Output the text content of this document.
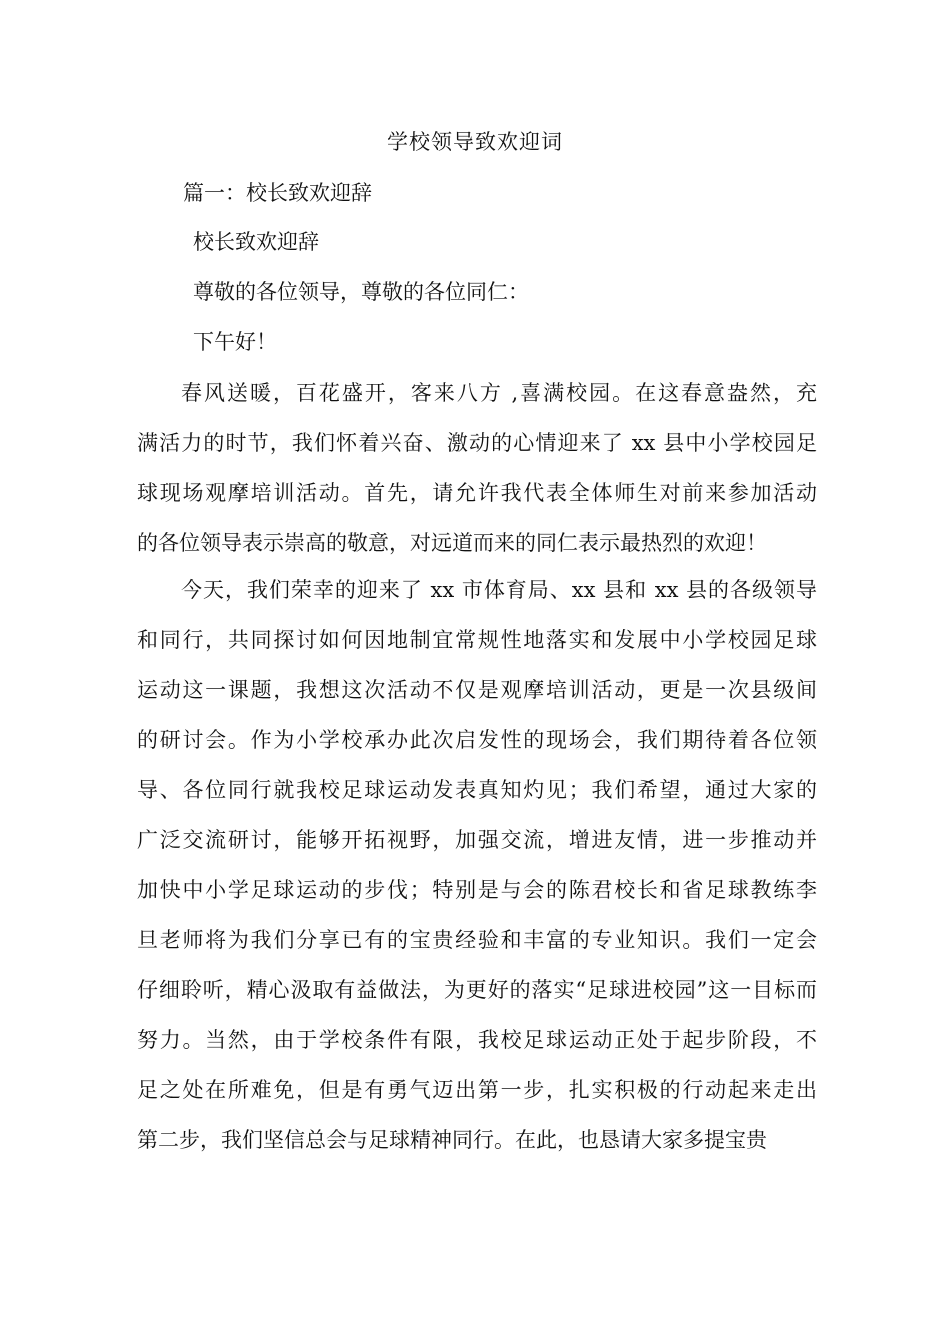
学校领导致欢迎词
篇一：校长致欢迎辞
校长致欢迎辞
尊敬的各位领导，尊敬的各位同仁：
下午好！
春风送暖，百花盛开，客来八方 ,喜满校园。在这春意盎然，充
满活力的时节，我们怀着兴奋、激动的心情迎来了 xx 县中小学校园足
球现场观摩培训活动。首先，请允许我代表全体师生对前来参加活动
的各位领导表示崇高的敬意，对远道而来的同仁表示最热烈的欢迎！
今天，我们荣幸的迎来了 xx 市体育局、xx 县和 xx 县的各级领导
和同行，共同探讨如何因地制宜常规性地落实和发展中小学校园足球
运动这一课题，我想这次活动不仅是观摩培训活动，更是一次县级间
的研讨会。作为小学校承办此次启发性的现场会，我们期待着各位领
导、各位同行就我校足球运动发表真知灼见；我们希望，通过大家的
广泛交流研讨，能够开拓视野，加强交流，增进友情，进一步推动并
加快中小学足球运动的步伐；特别是与会的陈君校长和省足球教练李
旦老师将为我们分享已有的宝贵经验和丰富的专业知识。我们一定会
仔细聆听，精心汲取有益做法，为更好的落实“足球进校园”这一目标而
努力。当然，由于学校条件有限，我校足球运动正处于起步阶段，不
足之处在所难免，但是有勇气迈出第一步，扎实积极的行动起来走出
第二步，我们坚信总会与足球精神同行。在此，也恳请大家多提宝贵
